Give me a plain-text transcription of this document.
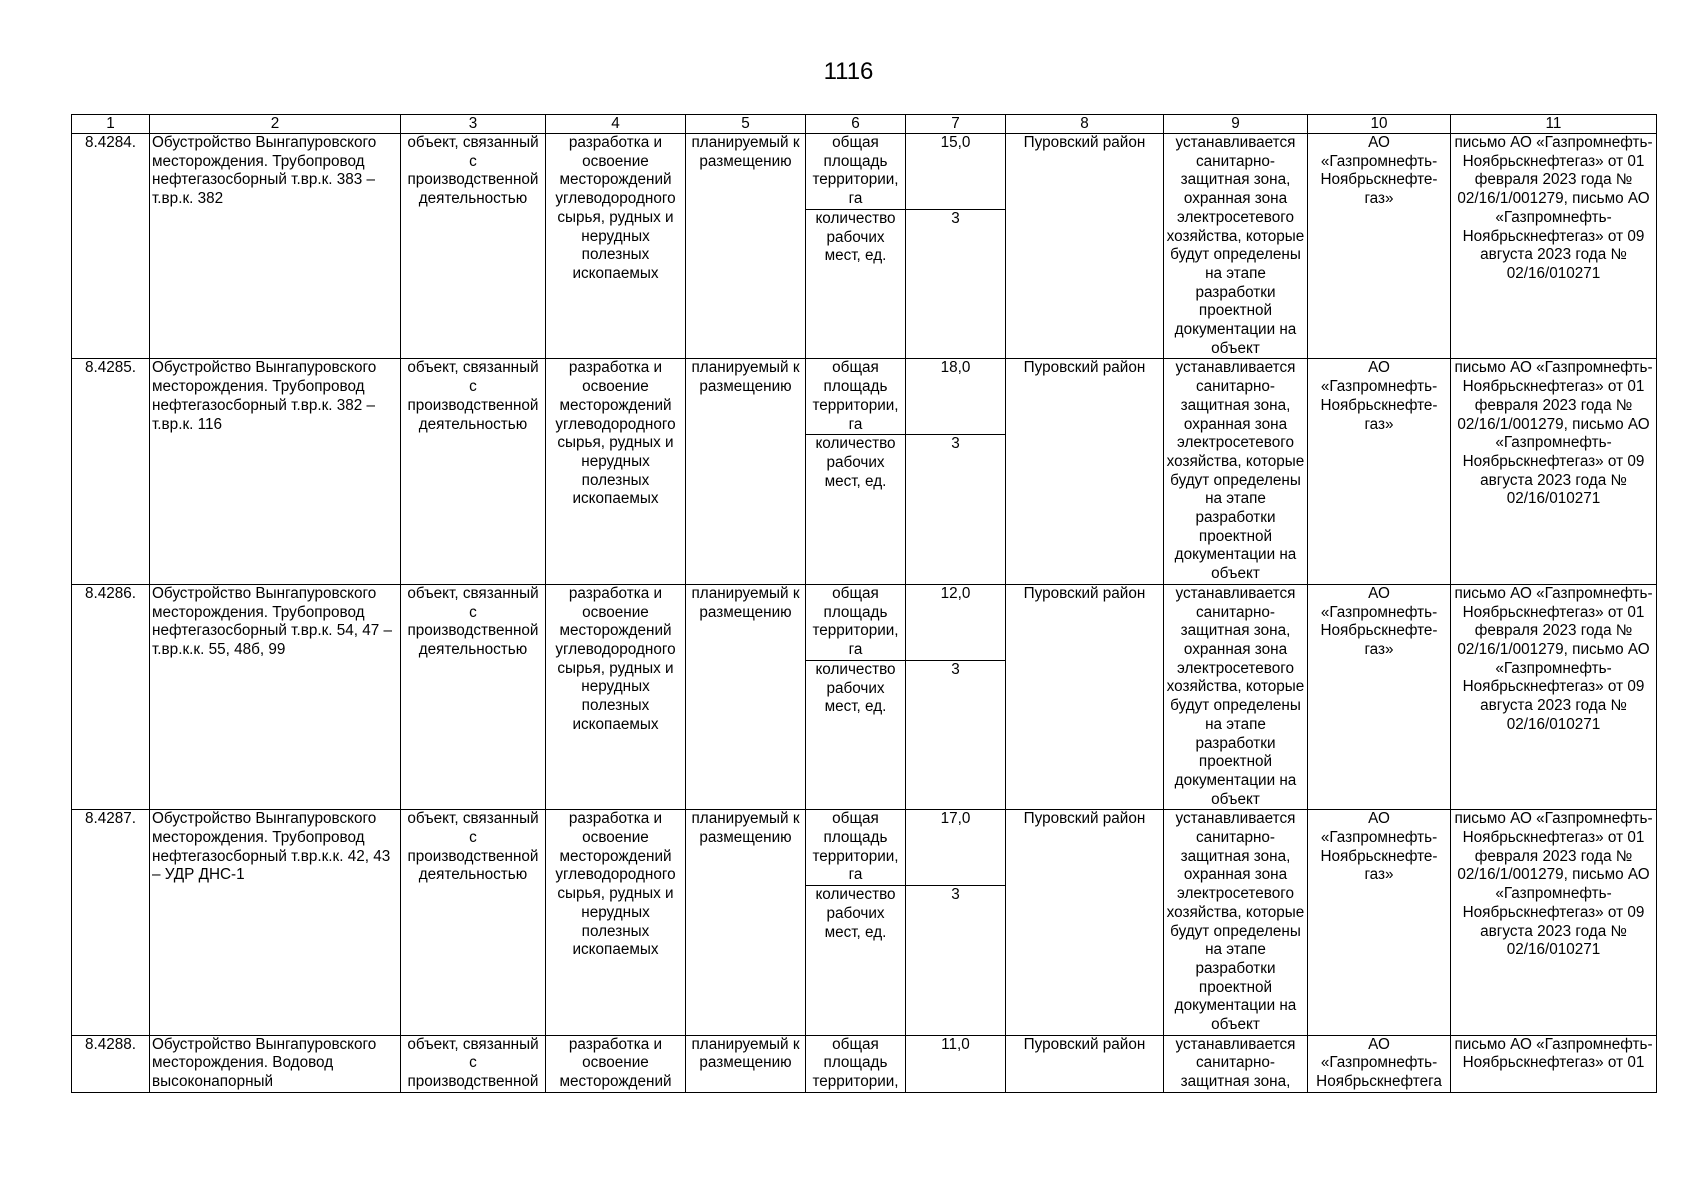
1116
1	2	3	4	5	6	7	8	9	10	11
8.4284.	Обустройство Вынгапуровского месторождения. Трубопровод нефтегазосборный т.вр.к. 383 – т.вр.к. 382	объект, связанный с производственной деятельностью	разработка и освоение месторождений углеводородного сырья, рудных и нерудных полезных ископаемых	планируемый к размещению	общая площадь территории, га	15,0	Пуровский район	устанавливается санитарно-защитная зона, охранная зона электросетевого хозяйства, которые будут определены на этапе разработки проектной документации на объект	АО «Газпромнефть-Ноябрьскнефте-газ»	письмо АО «Газпромнефть-Ноябрьскнефтегаз» от 01 февраля 2023 года № 02/16/1/001279, письмо АО «Газпромнефть-Ноябрьскнефтегаз» от 09 августа 2023 года № 02/16/010271
					количество рабочих мест, ед.	3				
8.4285.	Обустройство Вынгапуровского месторождения. Трубопровод нефтегазосборный т.вр.к. 382 – т.вр.к. 116	объект, связанный с производственной деятельностью	разработка и освоение месторождений углеводородного сырья, рудных и нерудных полезных ископаемых	планируемый к размещению	общая площадь территории, га	18,0	Пуровский район	устанавливается санитарно-защитная зона, охранная зона электросетевого хозяйства, которые будут определены на этапе разработки проектной документации на объект	АО «Газпромнефть-Ноябрьскнефте-газ»	письмо АО «Газпромнефть-Ноябрьскнефтегаз» от 01 февраля 2023 года № 02/16/1/001279, письмо АО «Газпромнефть-Ноябрьскнефтегаз» от 09 августа 2023 года № 02/16/010271
					количество рабочих мест, ед.	3				
8.4286.	Обустройство Вынгапуровского месторождения. Трубопровод нефтегазосборный т.вр.к. 54, 47 – т.вр.к.к. 55, 48б, 99	объект, связанный с производственной деятельностью	разработка и освоение месторождений углеводородного сырья, рудных и нерудных полезных ископаемых	планируемый к размещению	общая площадь территории, га	12,0	Пуровский район	устанавливается санитарно-защитная зона, охранная зона электросетевого хозяйства, которые будут определены на этапе разработки проектной документации на объект	АО «Газпромнефть-Ноябрьскнефте-газ»	письмо АО «Газпромнефть-Ноябрьскнефтегаз» от 01 февраля 2023 года № 02/16/1/001279, письмо АО «Газпромнефть-Ноябрьскнефтегаз» от 09 августа 2023 года № 02/16/010271
					количество рабочих мест, ед.	3				
8.4287.	Обустройство Вынгапуровского месторождения. Трубопровод нефтегазосборный т.вр.к.к. 42, 43 – УДР ДНС-1	объект, связанный с производственной деятельностью	разработка и освоение месторождений углеводородного сырья, рудных и нерудных полезных ископаемых	планируемый к размещению	общая площадь территории, га	17,0	Пуровский район	устанавливается санитарно-защитная зона, охранная зона электросетевого хозяйства, которые будут определены на этапе разработки проектной документации на объект	АО «Газпромнефть-Ноябрьскнефте-газ»	письмо АО «Газпромнефть-Ноябрьскнефтегаз» от 01 февраля 2023 года № 02/16/1/001279, письмо АО «Газпромнефть-Ноябрьскнефтегаз» от 09 августа 2023 года № 02/16/010271
					количество рабочих мест, ед.	3				
8.4288.	Обустройство Вынгапуровского месторождения. Водовод высоконапорный	объект, связанный с производственной	разработка и освоение месторождений	планируемый к размещению	общая площадь территории,	11,0	Пуровский район	устанавливается санитарно-защитная зона,	АО «Газпромнефть-Ноябрьскнефтега	письмо АО «Газпромнефть-Ноябрьскнефтегаз» от 01
